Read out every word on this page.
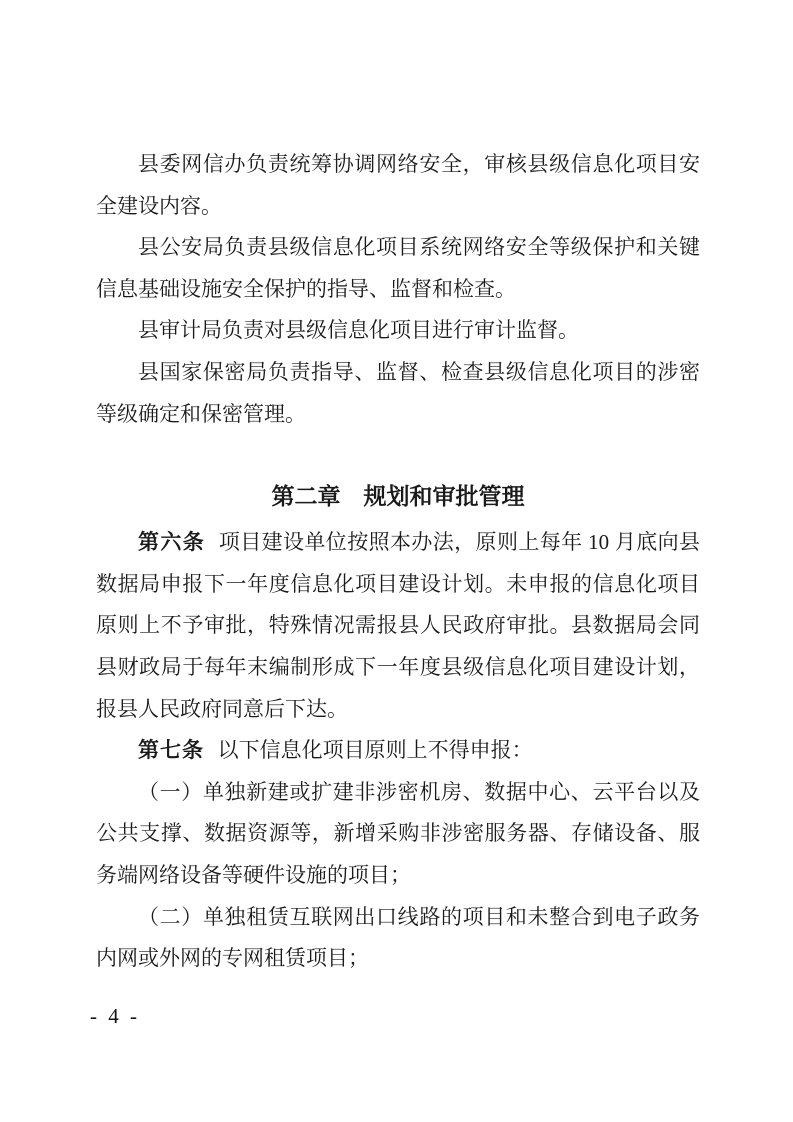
县委网信办负责统筹协调网络安全，审核县级信息化项目安全建设内容。

县公安局负责县级信息化项目系统网络安全等级保护和关键信息基础设施安全保护的指导、监督和检查。

县审计局负责对县级信息化项目进行审计监督。

县国家保密局负责指导、监督、检查县级信息化项目的涉密等级确定和保密管理。

第二章　规划和审批管理

第六条 项目建设单位按照本办法，原则上每年 10 月底向县数据局申报下一年度信息化项目建设计划。未申报的信息化项目原则上不予审批，特殊情况需报县人民政府审批。县数据局会同县财政局于每年末编制形成下一年度县级信息化项目建设计划，报县人民政府同意后下达。

第七条 以下信息化项目原则上不得申报：

（一）单独新建或扩建非涉密机房、数据中心、云平台以及公共支撑、数据资源等，新增采购非涉密服务器、存储设备、服务端网络设备等硬件设施的项目；

（二）单独租赁互联网出口线路的项目和未整合到电子政务内网或外网的专网租赁项目；

- 4 -
